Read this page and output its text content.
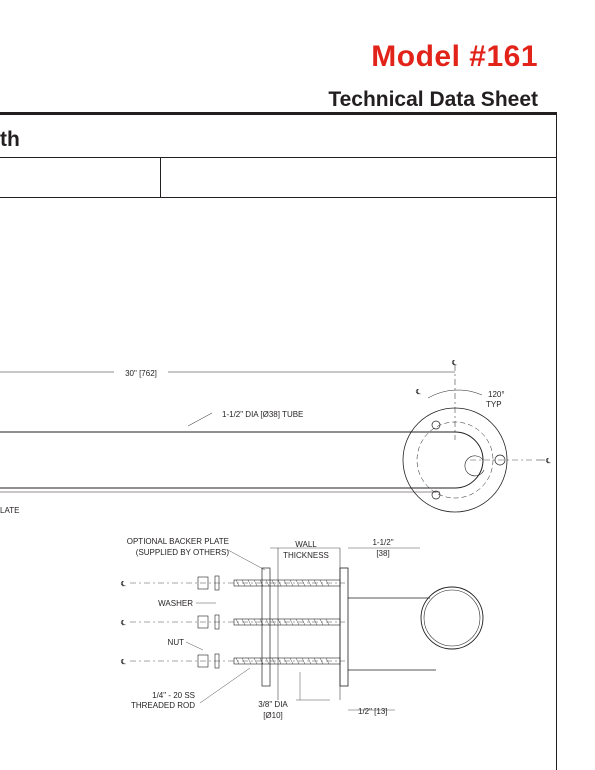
Model #161
Technical Data Sheet
th
30" [762]
1-1/2" DIA [Ø38] TUBE
120°
TYP
℄
℄
℄
LATE
OPTIONAL BACKER PLATE
(SUPPLIED BY OTHERS)
WALL
THICKNESS
1-1/2"
[38]
WASHER
NUT
1/4" - 20 SS
THREADED ROD	3/8" DIA
[Ø10]	1/2" [13]
℄
℄
℄
